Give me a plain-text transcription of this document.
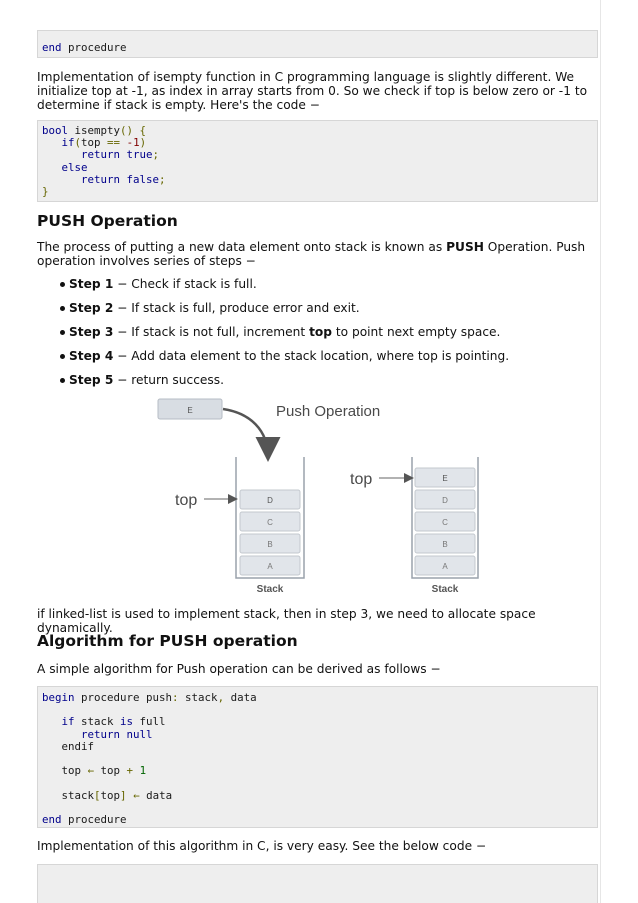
end procedure

Implementation of isempty function in C programming language is slightly different. We initialize top at -1, as index in array starts from 0. So we check if top is below zero or -1 to determine if stack is empty. Here's the code −

bool isempty() {
if(top == -1)
return true;
else
return false;
}
PUSH Operation

The process of putting a new data element onto stack is known as PUSH Operation. Push operation involves series of steps −

Step 1 − Check if stack is full.
Step 2 − If stack is full, produce error and exit.
Step 3 − If stack is not full, increment top to point next empty space.
Step 4 − Add data element to the stack location, where top is pointing.
Step 5 − return success.
E	Push Operation
D
C
B
A
Stack
top
E
D
C
B
A
Stack
top

if linked-list is used to implement stack, then in step 3, we need to allocate space dynamically.

Algorithm for PUSH operation

A simple algorithm for Push operation can be derived as follows −

begin procedure push: stack, data

if stack is full
return null
endif

top ← top + 1

stack[top] ← data

end procedure

Implementation of this algorithm in C, is very easy. See the below code −
